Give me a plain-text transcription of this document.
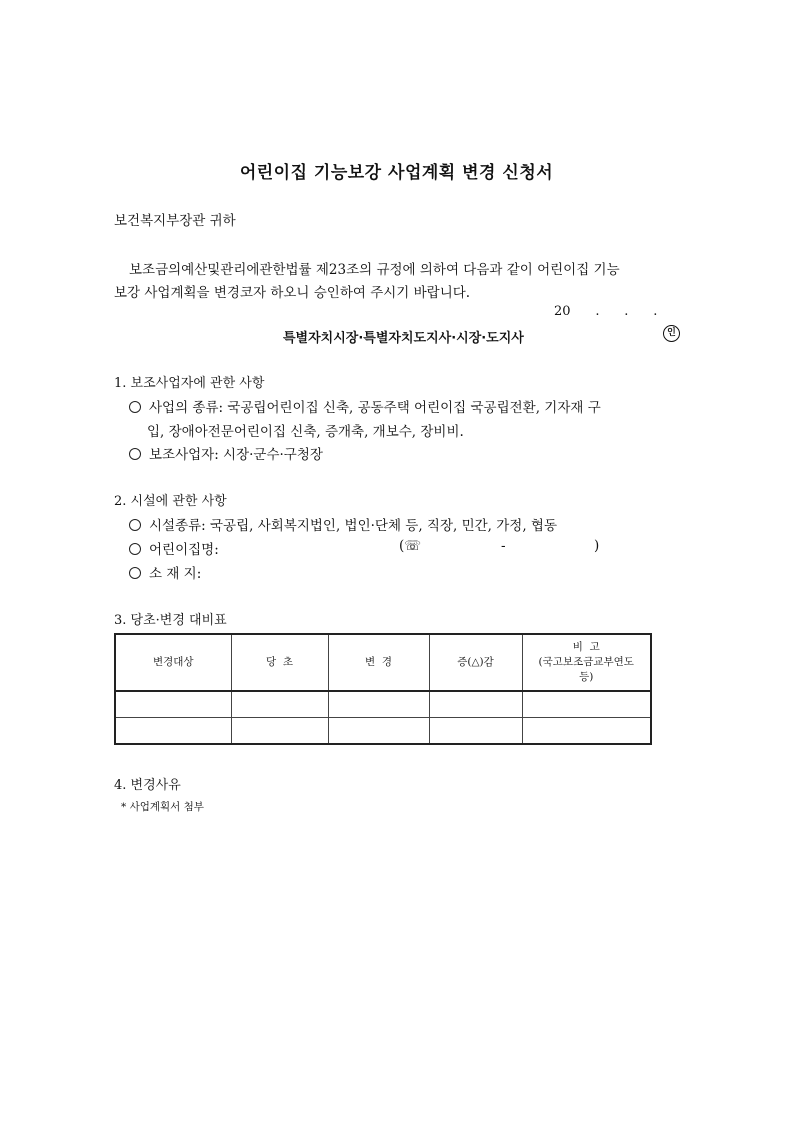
어린이집 기능보강 사업계획 변경 신청서
보건복지부장관 귀하
보조금의예산및관리에관한법률 제23조의 규정에 의하여 다음과 같이 어린이집 기능
보강 사업계획을 변경코자 하오니 승인하여 주시기 바랍니다.
20      .      .      .
특별자치시장·특별자치도지사·시장·도지사	인
1. 보조사업자에 관한 사항
사업의 종류: 국공립어린이집 신축, 공동주택 어린이집 국공립전환, 기자재 구
입, 장애아전문어린이집 신축, 증개축, 개보수, 장비비.
보조사업자: 시장·군수·구청장
2. 시설에 관한 사항
시설종류: 국공립, 사회복지법인, 법인·단체 등, 직장, 민간, 가정, 협동
어린이집명:	(☏	-	)
소 재 지:
3. 당초·변경 대비표
변경대상	당  초	변  경	증(△)감	비  고
(국고보조금교부연도
등)

4. 변경사유
* 사업계획서 첨부
